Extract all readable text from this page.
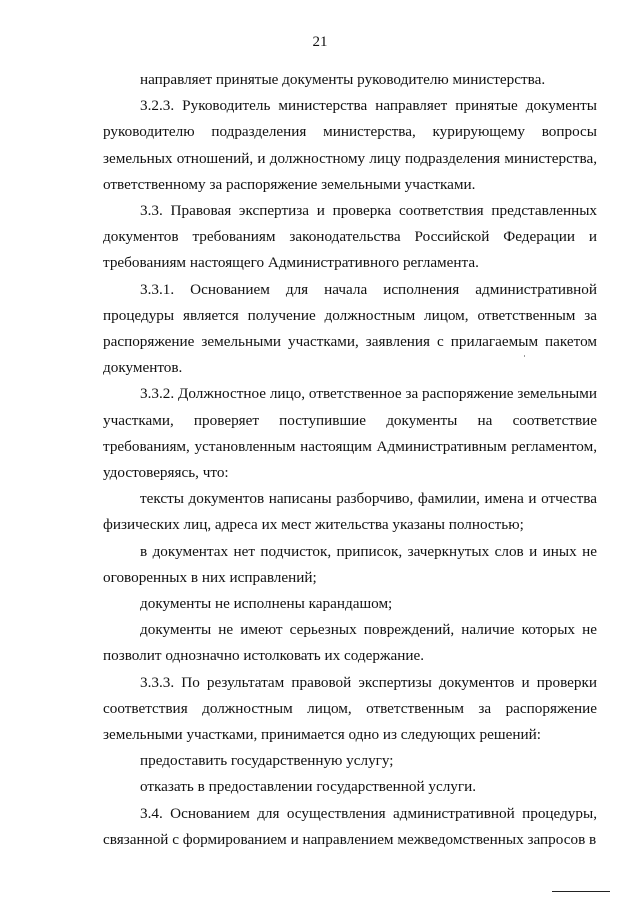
21

направляет принятые документы руководителю министерства.

3.2.3. Руководитель министерства направляет принятые документы руководителю подразделения министерства, курирующему вопросы земельных отношений, и должностному лицу подразделения министерства, ответственному за распоряжение земельными участками.

3.3. Правовая экспертиза и проверка соответствия представленных документов требованиям законодательства Российской Федерации и требованиям настоящего Административного регламента.

3.3.1. Основанием для начала исполнения административной процедуры является получение должностным лицом, ответственным за распоряжение земельными участками, заявления с прилагаемым пакетом документов.

3.3.2. Должностное лицо, ответственное за распоряжение земельными участками, проверяет поступившие документы на соответствие требованиям, установленным настоящим Административным регламентом, удостоверяясь, что:

тексты документов написаны разборчиво, фамилии, имена и отчества физических лиц, адреса их мест жительства указаны полностью;

в документах нет подчисток, приписок, зачеркнутых слов и иных не оговоренных в них исправлений;

документы не исполнены карандашом;

документы не имеют серьезных повреждений, наличие которых не позволит однозначно истолковать их содержание.

3.3.3. По результатам правовой экспертизы документов и проверки соответствия должностным лицом, ответственным за распоряжение земельными участками, принимается одно из следующих решений:

предоставить государственную услугу;

отказать в предоставлении государственной услуги.

3.4. Основанием для осуществления административной процедуры, связанной с формированием и направлением межведомственных запросов в
